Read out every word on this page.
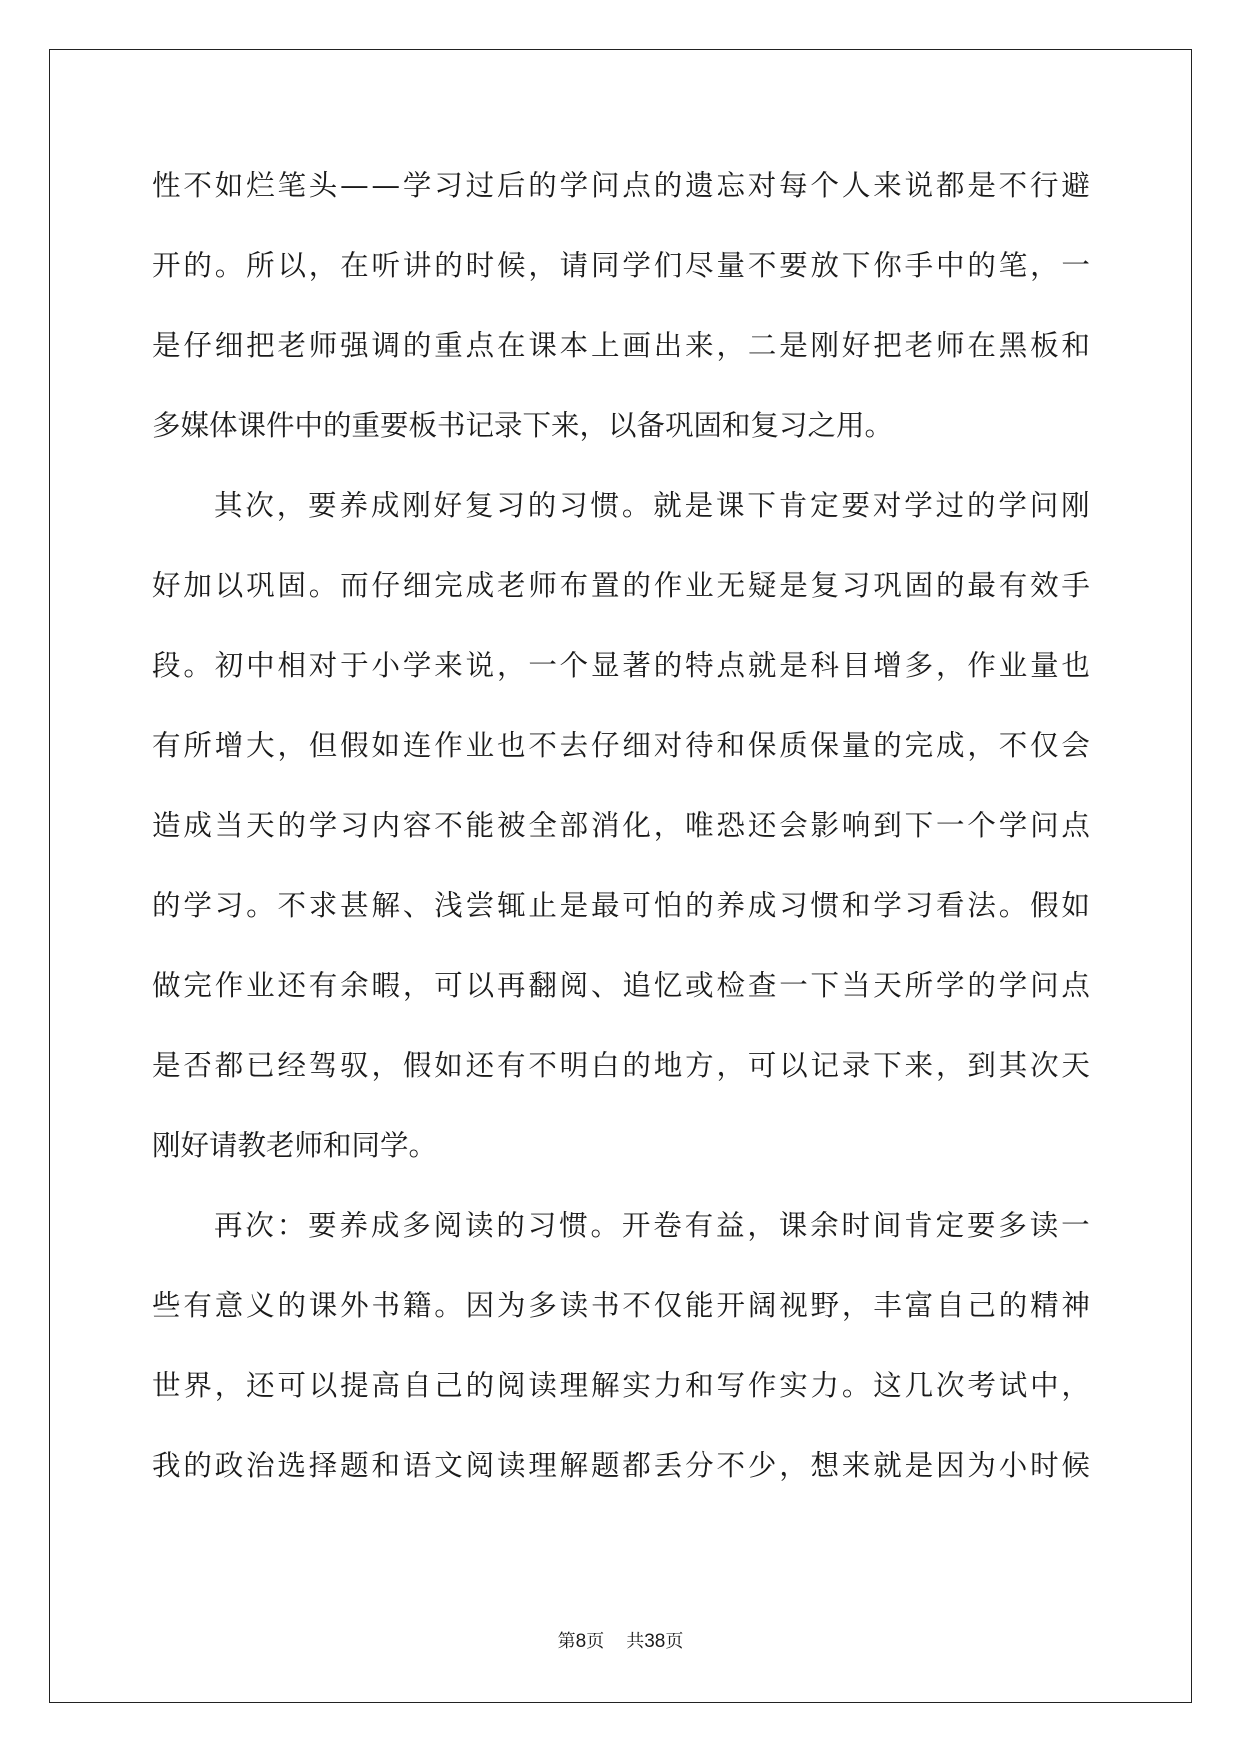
性 不 如 烂 笔 头 — — 学 习 过 后 的 学 问 点 的 遗 忘 对 每 个 人 来 说 都 是 不 行 避
开 的 。 所 以 ， 在 听 讲 的 时 候 ， 请 同 学 们 尽 量 不 要 放 下 你 手 中 的 笔 ， 一
是 仔 细 把 老 师 强 调 的 重 点 在 课 本 上 画 出 来 ， 二 是 刚 好 把 老 师 在 黑 板 和
多媒体课件中的重要板书记录下来，以备巩固和复习之用。
其 次 ， 要 养 成 刚 好 复 习 的 习 惯 。 就 是 课 下 肯 定 要 对 学 过 的 学 问 刚
好 加 以 巩 固 。 而 仔 细 完 成 老 师 布 置 的 作 业 无 疑 是 复 习 巩 固 的 最 有 效 手
段 。 初 中 相 对 于 小 学 来 说 ， 一 个 显 著 的 特 点 就 是 科 目 增 多 ， 作 业 量 也
有 所 增 大 ， 但 假 如 连 作 业 也 不 去 仔 细 对 待 和 保 质 保 量 的 完 成 ， 不 仅 会
造 成 当 天 的 学 习 内 容 不 能 被 全 部 消 化 ， 唯 恐 还 会 影 响 到 下 一 个 学 问 点
的 学 习 。 不 求 甚 解 、 浅 尝 辄 止 是 最 可 怕 的 养 成 习 惯 和 学 习 看 法 。 假 如
做 完 作 业 还 有 余 暇 ， 可 以 再 翻 阅 、 追 忆 或 检 查 一 下 当 天 所 学 的 学 问 点
是 否 都 已 经 驾 驭 ， 假 如 还 有 不 明 白 的 地 方 ， 可 以 记 录 下 来 ， 到 其 次 天
刚好请教老师和同学。
再 次 ： 要 养 成 多 阅 读 的 习 惯 。 开 卷 有 益 ， 课 余 时 间 肯 定 要 多 读 一
些 有 意 义 的 课 外 书 籍 。 因 为 多 读 书 不 仅 能 开 阔 视 野 ， 丰 富 自 己 的 精 神
世 界 ， 还 可 以 提 高 自 己 的 阅 读 理 解 实 力 和 写 作 实 力 。 这 几 次 考 试 中 ，
我 的 政 治 选 择 题 和 语 文 阅 读 理 解 题 都 丢 分 不 少 ， 想 来 就 是 因 为 小 时 候
第8页 共38页
